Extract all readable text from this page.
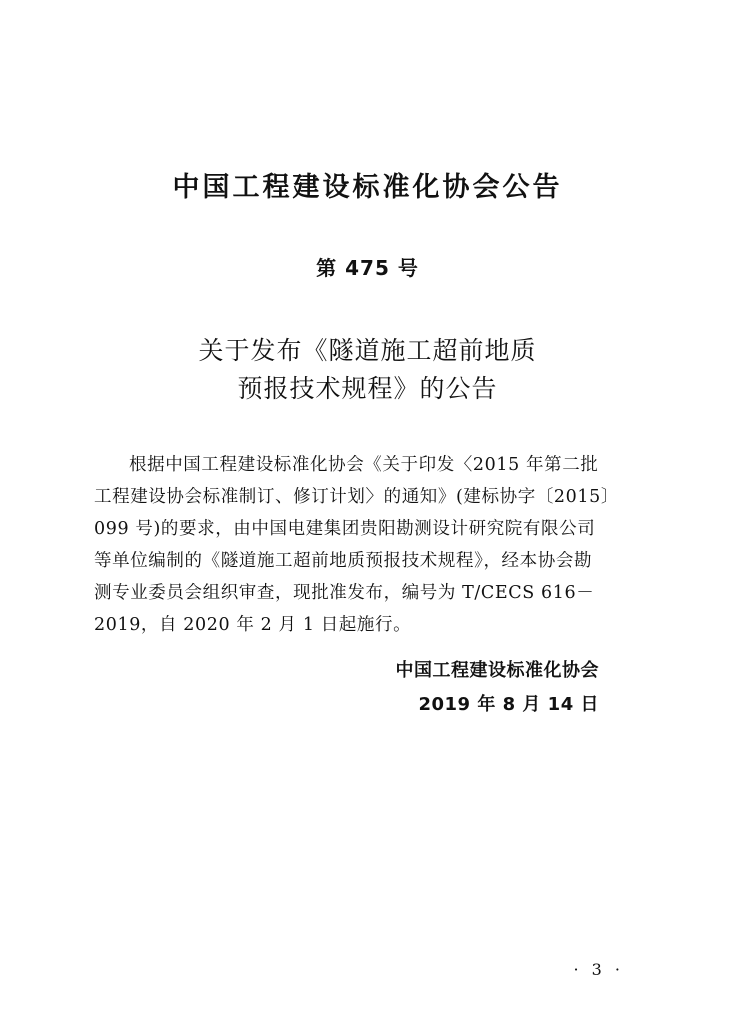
中国工程建设标准化协会公告
第 475 号
关于发布《隧道施工超前地质
预报技术规程》的公告

根据中国工程建设标准化协会《关于印发〈2015 年第二批
工程建设协会标准制订、修订计划〉的通知》(建标协字〔2015〕
099 号)的要求，由中国电建集团贵阳勘测设计研究院有限公司
等单位编制的《隧道施工超前地质预报技术规程》，经本协会勘
测专业委员会组织审查，现批准发布，编号为 T/CECS 616－
2019，自 2020 年 2 月 1 日起施行。

中国工程建设标准化协会
2019 年 8 月 14 日
· 3 ·
